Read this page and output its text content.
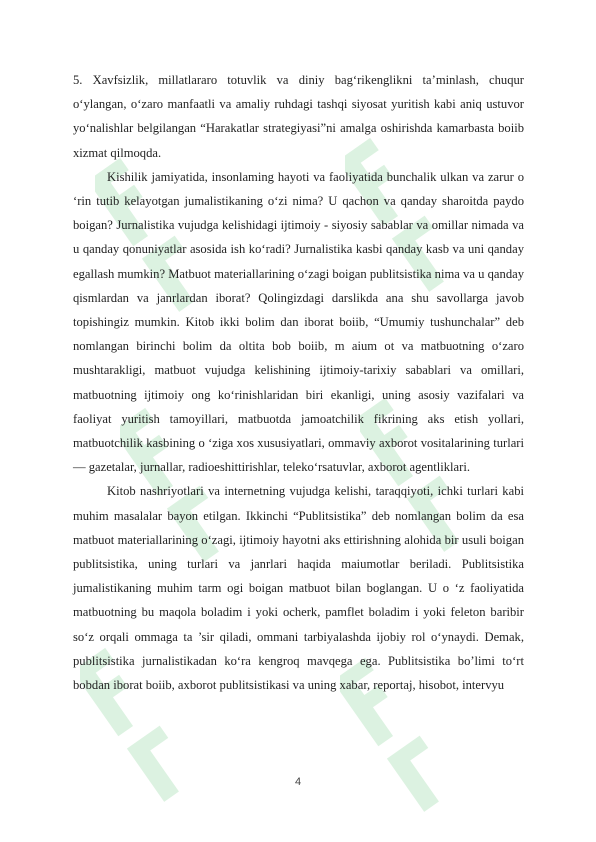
5. Xavfsizlik, millatlararo totuvlik va diniy bag‘rikenglikni ta’minlash, chuqur o‘ylangan, o‘zaro manfaatli va amaliy ruhdagi tashqi siyosat yuritish kabi aniq ustuvor yo‘nalishlar belgilangan “Harakatlar strategiyasi”ni amalga oshirishda kamarbasta boiib xizmat qilmoqda.

Kishilik jamiyatida, insonlaming hayoti va faoliyatida bunchalik ulkan va zarur o ‘rin tutib kelayotgan jumalistikaning o‘zi nima? U qachon va qanday sharoitda paydo boigan? Jurnalistika vujudga kelishidagi ijtimoiy - siyosiy sabablar va omillar nimada va u qanday qonuniyatlar asosida ish ko‘radi? Jurnalistika kasbi qanday kasb va uni qanday egallash mumkin? Matbuot materiallarining o‘zagi boigan publitsistika nima va u qanday qismlardan va janrlardan iborat? Qolingizdagi darslikda ana shu savollarga javob topishingiz mumkin. Kitob ikki bolim dan iborat boiib, “Umumiy tushunchalar” deb nomlangan birinchi bolim da oltita bob boiib, m aium ot va matbuotning o‘zaro mushtarakligi, matbuot vujudga kelishining ijtimoiy-tarixiy sabablari va omillari, matbuotning ijtimoiy ong ko‘rinishlaridan biri ekanligi, uning asosiy vazifalari va faoliyat yuritish tamoyillari, matbuotda jamoatchilik fikrining aks etish yollari, matbuotchilik kasbining o ‘ziga xos xususiyatlari, ommaviy axborot vositalarining turlari — gazetalar, jurnallar, radioeshittirishlar, teleko‘rsatuvlar, axborot agentliklari.

Kitob nashriyotlari va internetning vujudga kelishi, taraqqiyoti, ichki turlari kabi muhim masalalar bayon etilgan. Ikkinchi “Publitsistika” deb nomlangan bolim da esa matbuot materiallarining o‘zagi, ijtimoiy hayotni aks ettirishning alohida bir usuli boigan publitsistika, uning turlari va janrlari haqida maiumotlar beriladi. Publitsistika jumalistikaning muhim tarm ogi boigan matbuot bilan boglangan. U o ‘z faoliyatida matbuotning bu maqola boladim i yoki ocherk, pamflet boladim i yoki feleton baribir so‘z orqali ommaga ta ’sir qiladi, ommani tarbiyalashda ijobiy rol o‘ynaydi. Demak, publitsistika jurnalistikadan ko‘ra kengroq mavqega ega. Publitsistika bo’limi to‘rt bobdan iborat boiib, axborot publitsistikasi va uning xabar, reportaj, hisobot, intervyu

4
